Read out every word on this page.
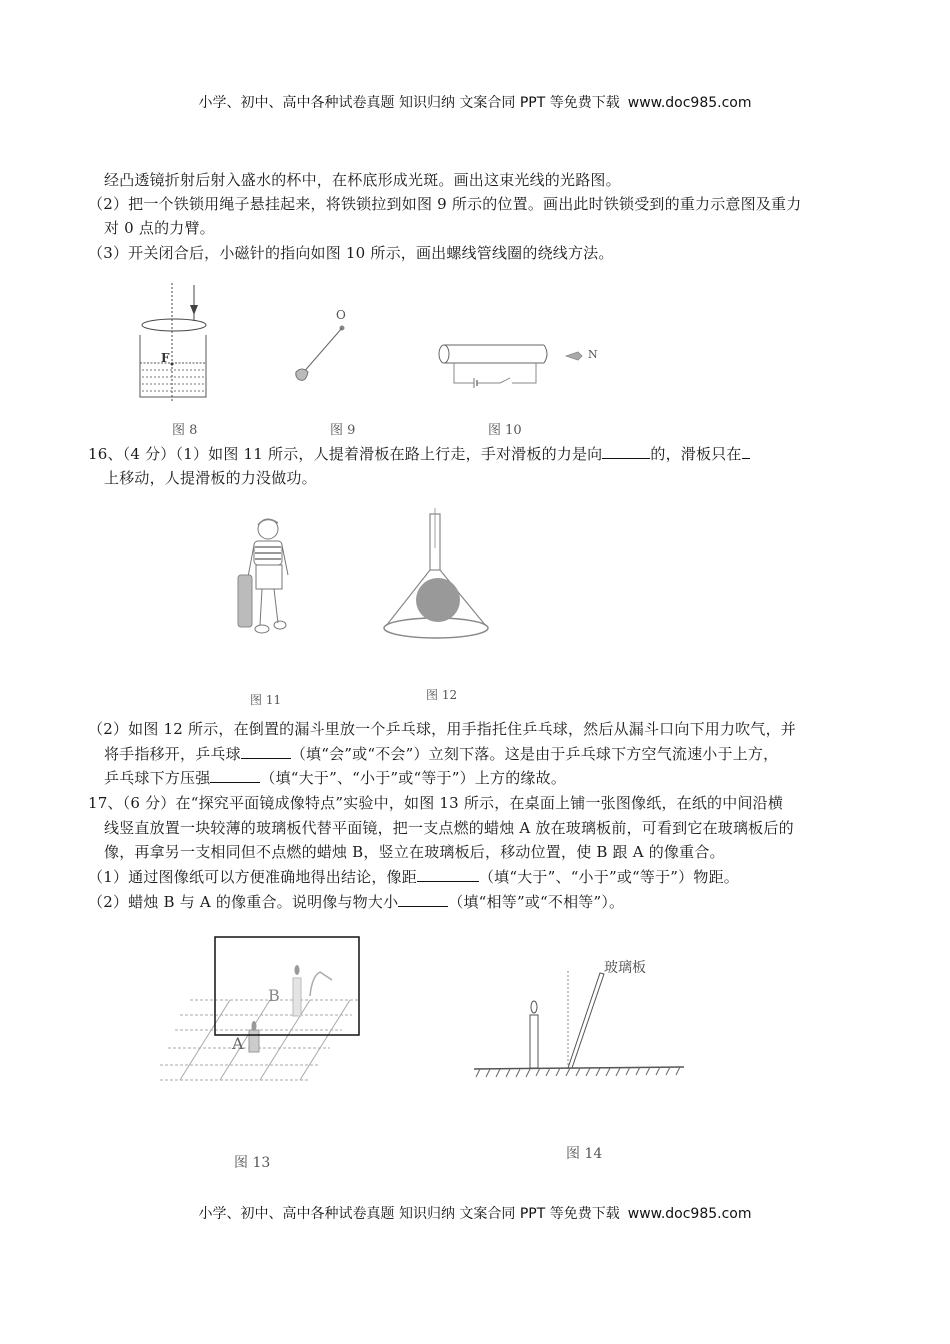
小学、初中、高中各种试卷真题 知识归纳 文案合同 PPT 等免费下载 www.doc985.com
经凸透镜折射后射入盛水的杯中，在杯底形成光斑。画出这束光线的光路图。
（2）把一个铁锁用绳子悬挂起来，将铁锁拉到如图 9 所示的位置。画出此时铁锁受到的重力示意图及重力
对 0 点的力臂。
（3）开关闭合后，小磁针的指向如图 10 所示，画出螺线管线圈的绕线方法。
F
图 8
O
图 9
N
图 10
16、（4 分）（1）如图 11 所示，人提着滑板在路上行走，手对滑板的力是向	的，滑板只在
上移动，人提滑板的力没做功。
图 11	图 12
（2）如图 12 所示，在倒置的漏斗里放一个乒乓球，用手指托住乒乓球，然后从漏斗口向下用力吹气，并
将手指移开，乒乓球	（填“会”或“不会”）立刻下落。这是由于乒乓球下方空气流速小于上方，
乒乓球下方压强	（填“大于”、“小于”或“等于”）上方的缘故。
17、（6 分）在“探究平面镜成像特点”实验中，如图 13 所示，在桌面上铺一张图像纸，在纸的中间沿横
线竖直放置一块较薄的玻璃板代替平面镜，把一支点燃的蜡烛 A 放在玻璃板前，可看到它在玻璃板后的
像，再拿另一支相同但不点燃的蜡烛 B，竖立在玻璃板后，移动位置，使 B 跟 A 的像重合。
（1）通过图像纸可以方便准确地得出结论，像距	（填“大于”、“小于”或“等于”）物距。
（2）蜡烛 B 与 A 的像重合。说明像与物大小	（填“相等”或“不相等”）。
A
B
图 13
玻璃板
图 14
小学、初中、高中各种试卷真题 知识归纳 文案合同 PPT 等免费下载 www.doc985.com
